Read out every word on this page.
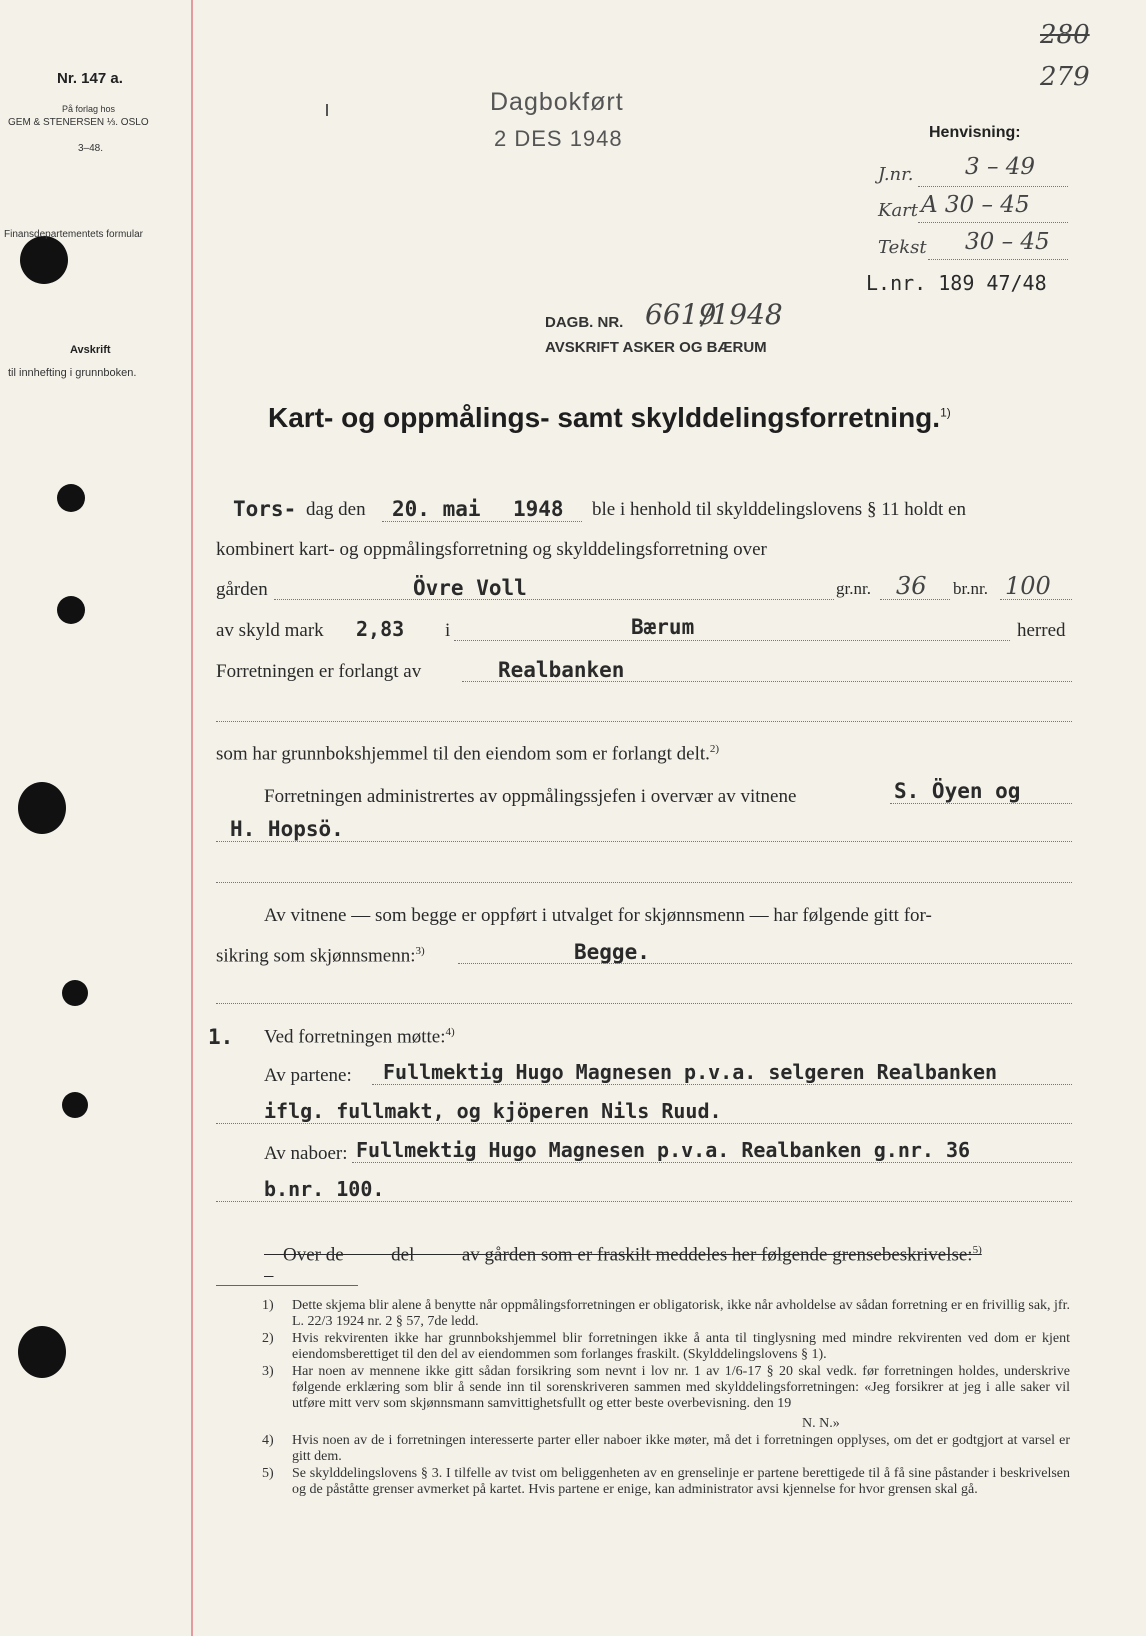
Nr. 147 a.
På forlag hos
GEM & STENERSEN ⅓. OSLO
3–48.
Finansdepartementets formular
Avskrift
til innhefting i grunnboken.
280
279
Dagbokført
2 DES 1948	Henvisning:
J.nr. 3 – 49
Kart A 30 – 45
Tekst 30 – 45
L.nr. 189 47/48
DAGB. NR. 6619
/1948
AVSKRIFT ASKER OG BÆRUM
Kart- og oppmålings- samt skylddelingsforretning.$^{1)}$
Tors- dag den 20. mai 1948 ble i henhold til skylddelingslovens § 11 holdt en
kombinert kart- og oppmålingsforretning og skylddelingsforretning over
gården	Övre Voll	gr.nr. 36 br.nr. 100
av skyld mark 2,83 i	Bærum	herred
Forretningen er forlangt av	Realbanken
som har grunnbokshjemmel til den eiendom som er forlangt delt.$^{2)}$
Forretningen administrertes av oppmålingssjefen i overvær av vitnene	S. Öyen og
H. Hopsö.
Av vitnene — som begge er oppført i utvalget for skjønnsmenn — har følgende gitt for-
sikring som skjønnsmenn:$^{3)}$	Begge.
1. Ved forretningen møtte:$^{4)}$
Av partene: Fullmektig Hugo Magnesen p.v.a. selgeren Realbanken
iflg. fullmakt, og kjöperen Nils Ruud.
Av naboer: Fullmektig Hugo Magnesen p.v.a. Realbanken g.nr. 36
b.nr. 100.

Over de          del          av gården som er fraskilt meddeles her følgende grensebeskrivelse:$^{5)}$

1)	Dette skjema blir alene å benytte når oppmålingsforretningen er obligatorisk, ikke når avholdelse av sådan forretning er en frivillig sak, jfr. L. 22/3 1924 nr. 2 § 57, 7de ledd.
2)	Hvis rekvirenten ikke har grunnbokshjemmel blir forretningen ikke å anta til tinglysning med mindre rekvirenten ved dom er kjent eiendomsberettiget til den del av eiendommen som forlanges fraskilt. (Skylddelingslovens § 1).
3)	Har noen av mennene ikke gitt sådan forsikring som nevnt i lov nr. 1 av 1/6-17 § 20 skal vedk. før forretningen holdes, underskrive følgende erklæring som blir å sende inn til sorenskriveren sammen med skylddelingsforretningen: «Jeg forsikrer at jeg i alle saker vil utføre mitt verv som skjønnsmann samvittighetsfullt og etter beste overbevisning. den 19
N. N.»
4)	Hvis noen av de i forretningen interesserte parter eller naboer ikke møter, må det i forretningen opplyses, om det er godtgjort at varsel er gitt dem.
5)	Se skylddelingslovens § 3. I tilfelle av tvist om beliggenheten av en grenselinje er partene berettigede til å få sine påstander i beskrivelsen og de påståtte grenser avmerket på kartet. Hvis partene er enige, kan administrator avsi kjennelse for hvor grensen skal gå.
